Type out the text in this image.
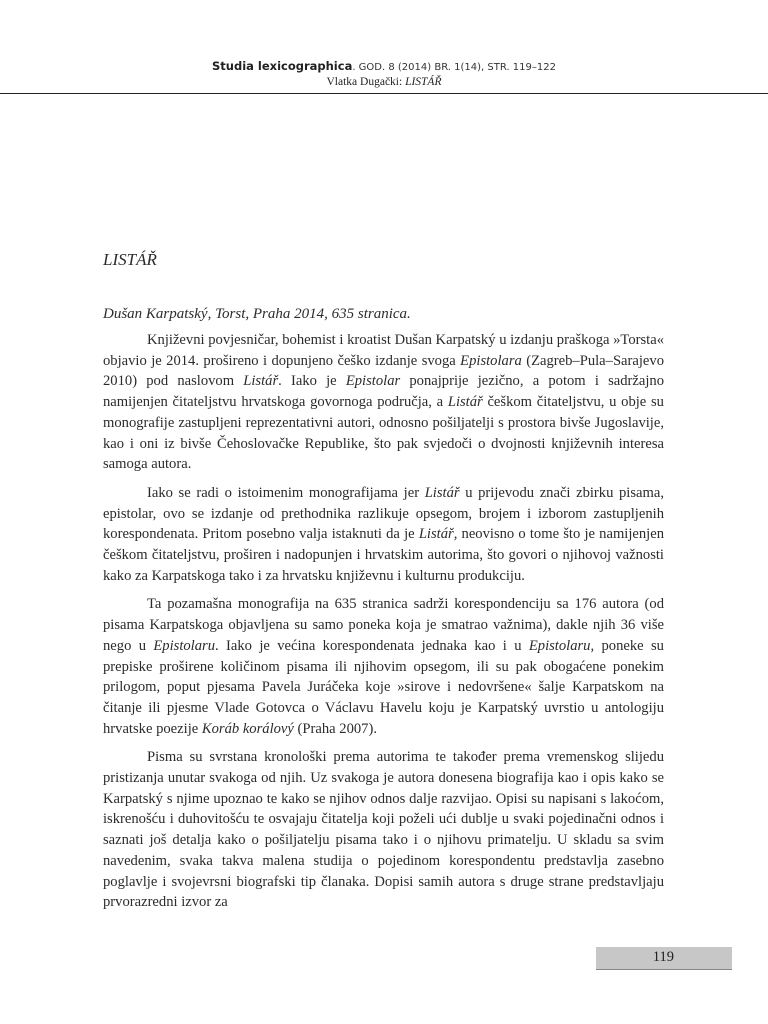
Studia lexicographica. GOD. 8 (2014) BR. 1(14), STR. 119–122
Vlatka Dugački: LISTÁŘ
LISTÁŘ
Dušan Karpatský, Torst, Praha 2014, 635 stranica.

Književni povjesničar, bohemist i kroatist Dušan Karpatský u izdanju praškoga »Torsta« objavio je 2014. prošireno i dopunjeno češko izdanje svoga Epistolara (Zagreb–Pula–Sarajevo 2010) pod naslovom Listář. Iako je Epistolar ponajprije jezično, a potom i sadržajno namijenjen čitateljstvu hrvatskoga govornoga područja, a Listář češkom čitateljstvu, u obje su monografije zastupljeni reprezentativni autori, odnosno pošiljatelji s prostora bivše Jugoslavije, kao i oni iz bivše Čehoslovačke Republike, što pak svjedoči o dvojnosti književnih interesa samoga autora.

Iako se radi o istoimenim monografijama jer Listář u prijevodu znači zbirku pisama, epistolar, ovo se izdanje od prethodnika razlikuje opsegom, brojem i izborom zastupljenih korespondenata. Pritom posebno valja istaknuti da je Listář, neovisno o tome što je namijenjen češkom čitateljstvu, proširen i nadopunjen i hrvatskim autorima, što govori o njihovoj važnosti kako za Karpatskoga tako i za hrvatsku književnu i kulturnu produkciju.

Ta pozamašna monografija na 635 stranica sadrži korespondenciju sa 176 autora (od pisama Karpatskoga objavljena su samo poneka koja je smatrao važnima), dakle njih 36 više nego u Epistolaru. Iako je većina korespondenata jednaka kao i u Epistolaru, poneke su prepiske proširene količinom pisama ili njihovim opsegom, ili su pak obogaćene ponekim prilogom, poput pjesama Pavela Juráčeka koje »sirove i nedovršene« šalje Karpatskom na čitanje ili pjesme Vlade Gotovca o Václavu Havelu koju je Karpatský uvrstio u antologiju hrvatske poezije Koráb korálový (Praha 2007).

Pisma su svrstana kronološki prema autorima te također prema vremenskog slijedu pristizanja unutar svakoga od njih. Uz svakoga je autora donesena biografija kao i opis kako se Karpatský s njime upoznao te kako se njihov odnos dalje razvijao. Opisi su napisani s lakoćom, iskrenošću i duhovitošću te osvajaju čitatelja koji poželi ući dublje u svaki pojedinačni odnos i saznati još detalja kako o pošiljatelju pisama tako i o njihovu primatelju. U skladu sa svim navedenim, svaka takva malena studija o pojedinom korespondentu predstavlja zasebno poglavlje i svojevrsni biografski tip članaka. Dopisi samih autora s druge strane predstavljaju prvorazredni izvor za

119
